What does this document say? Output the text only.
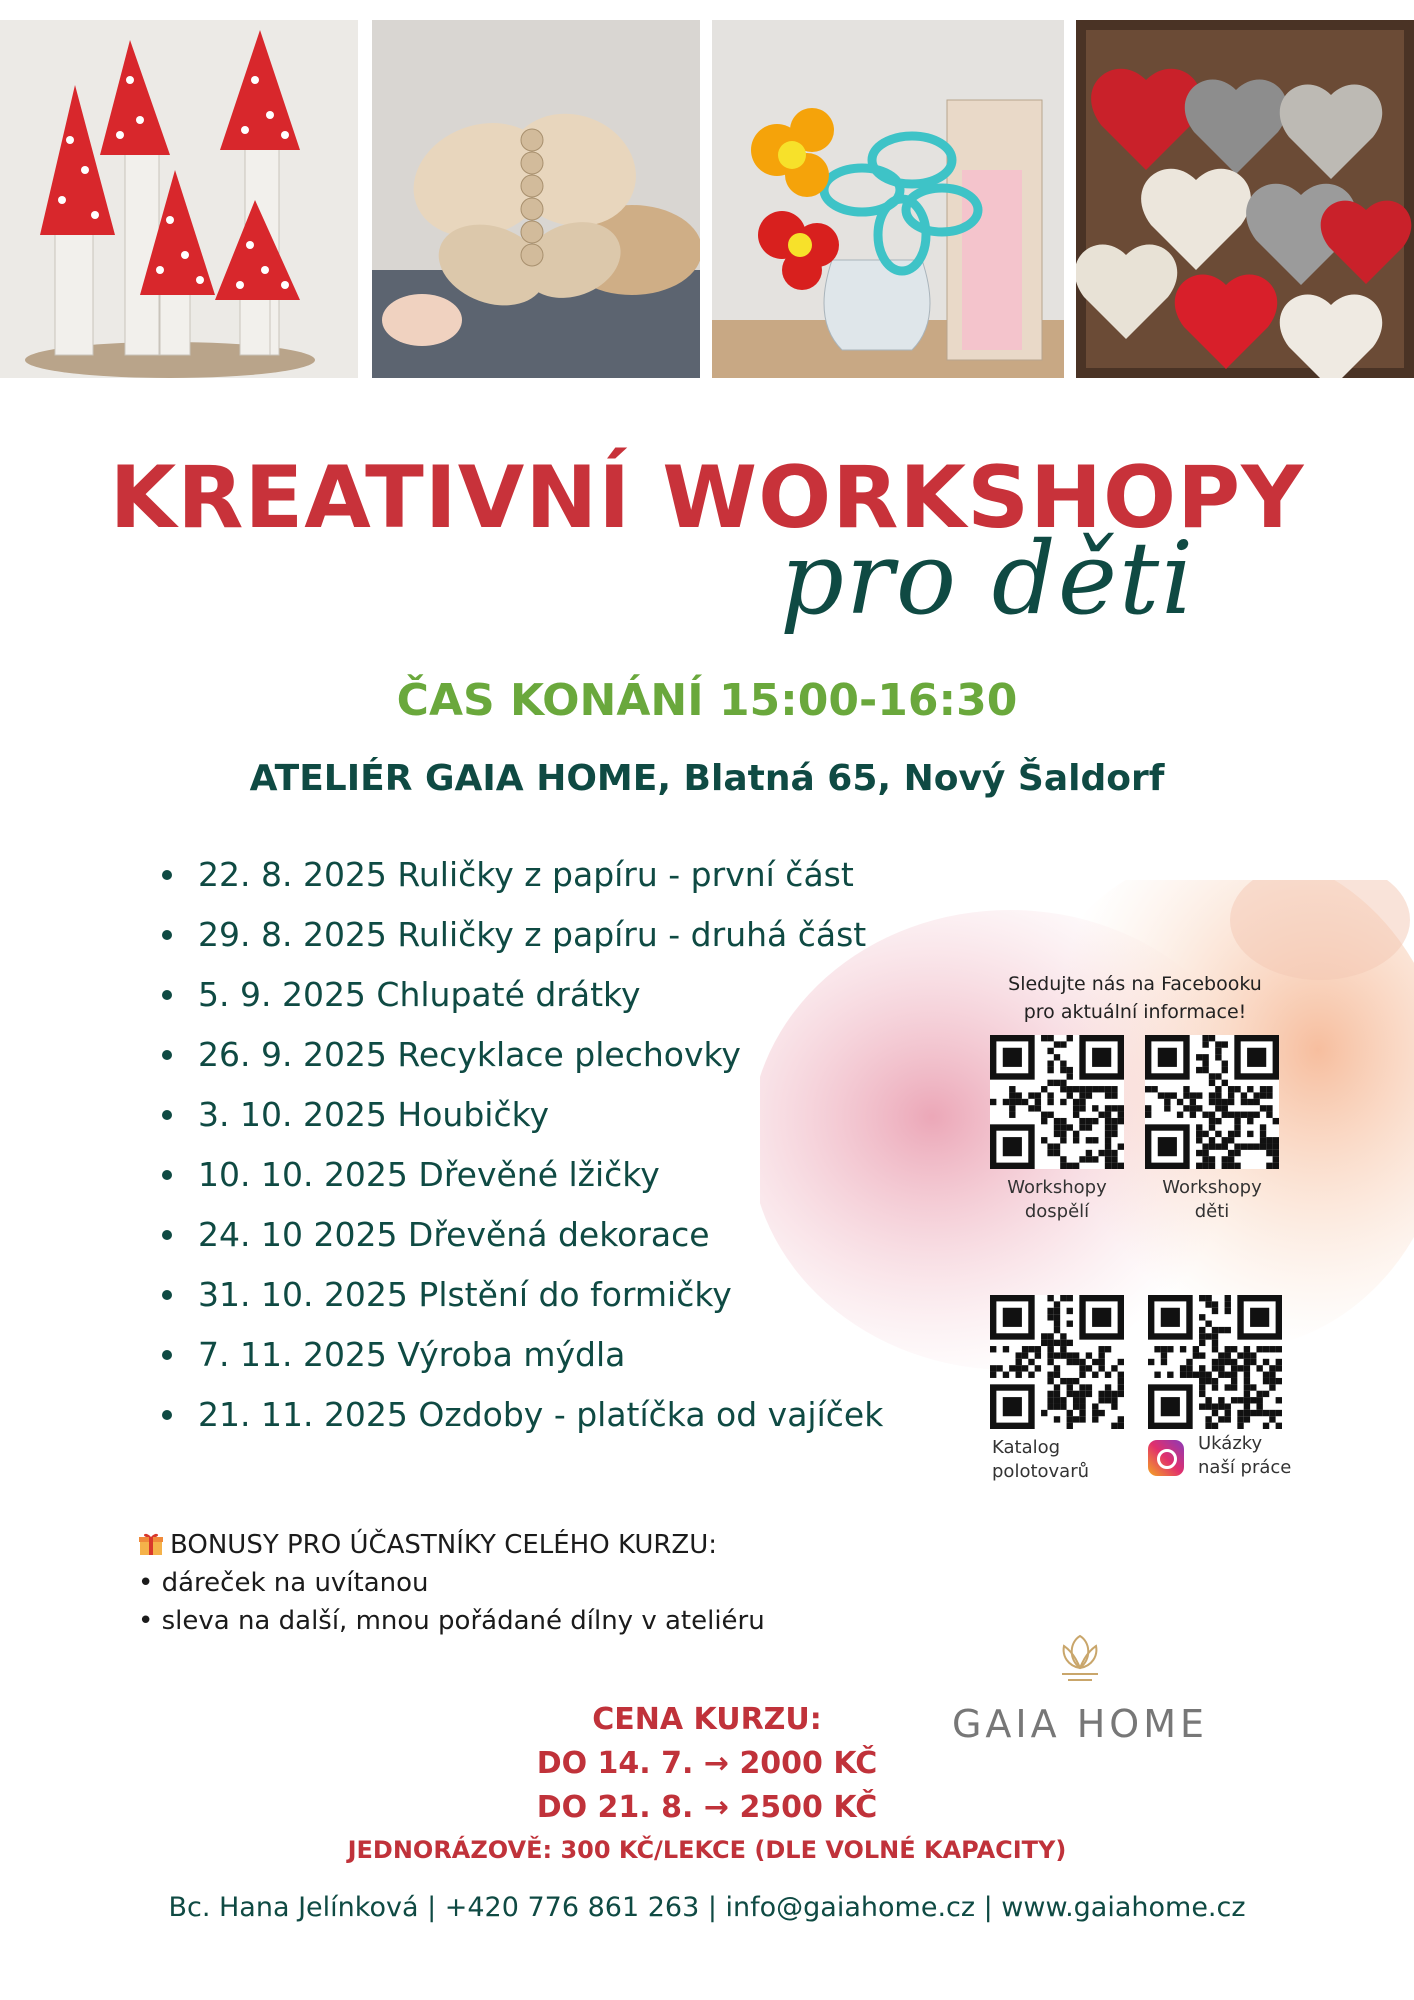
KREATIVNÍ WORKSHOPY
pro děti
ČAS KONÁNÍ 15:00-16:30
ATELIÉR GAIA HOME, Blatná 65, Nový Šaldorf
22. 8. 2025 Ruličky z papíru - první část
29. 8. 2025 Ruličky z papíru - druhá část
5. 9. 2025 Chlupaté drátky
26. 9. 2025 Recyklace plechovky
3. 10. 2025 Houbičky
10. 10. 2025 Dřevěné lžičky
24. 10 2025 Dřevěná dekorace
31. 10. 2025 Plstění do formičky
7. 11. 2025 Výroba mýdla
21. 11. 2025 Ozdoby - platíčka od vajíček
Sledujte nás na Facebooku
pro aktuální informace!
Workshopy
dospělí
Workshopy
děti
Katalog
polotovarů
Ukázky
naší práce
BONUSY PRO ÚČASTNÍKY CELÉHO KURZU:
• dáreček na uvítanou
• sleva na další, mnou pořádané dílny v ateliéru
GAIA HOME
CENA KURZU:
DO 14. 7. → 2000 KČ
DO 21. 8. → 2500 KČ
JEDNORÁZOVĚ: 300 KČ/LEKCE (DLE VOLNÉ KAPACITY)
Bc. Hana Jelínková | +420 776 861 263 | info@gaiahome.cz | www.gaiahome.cz
